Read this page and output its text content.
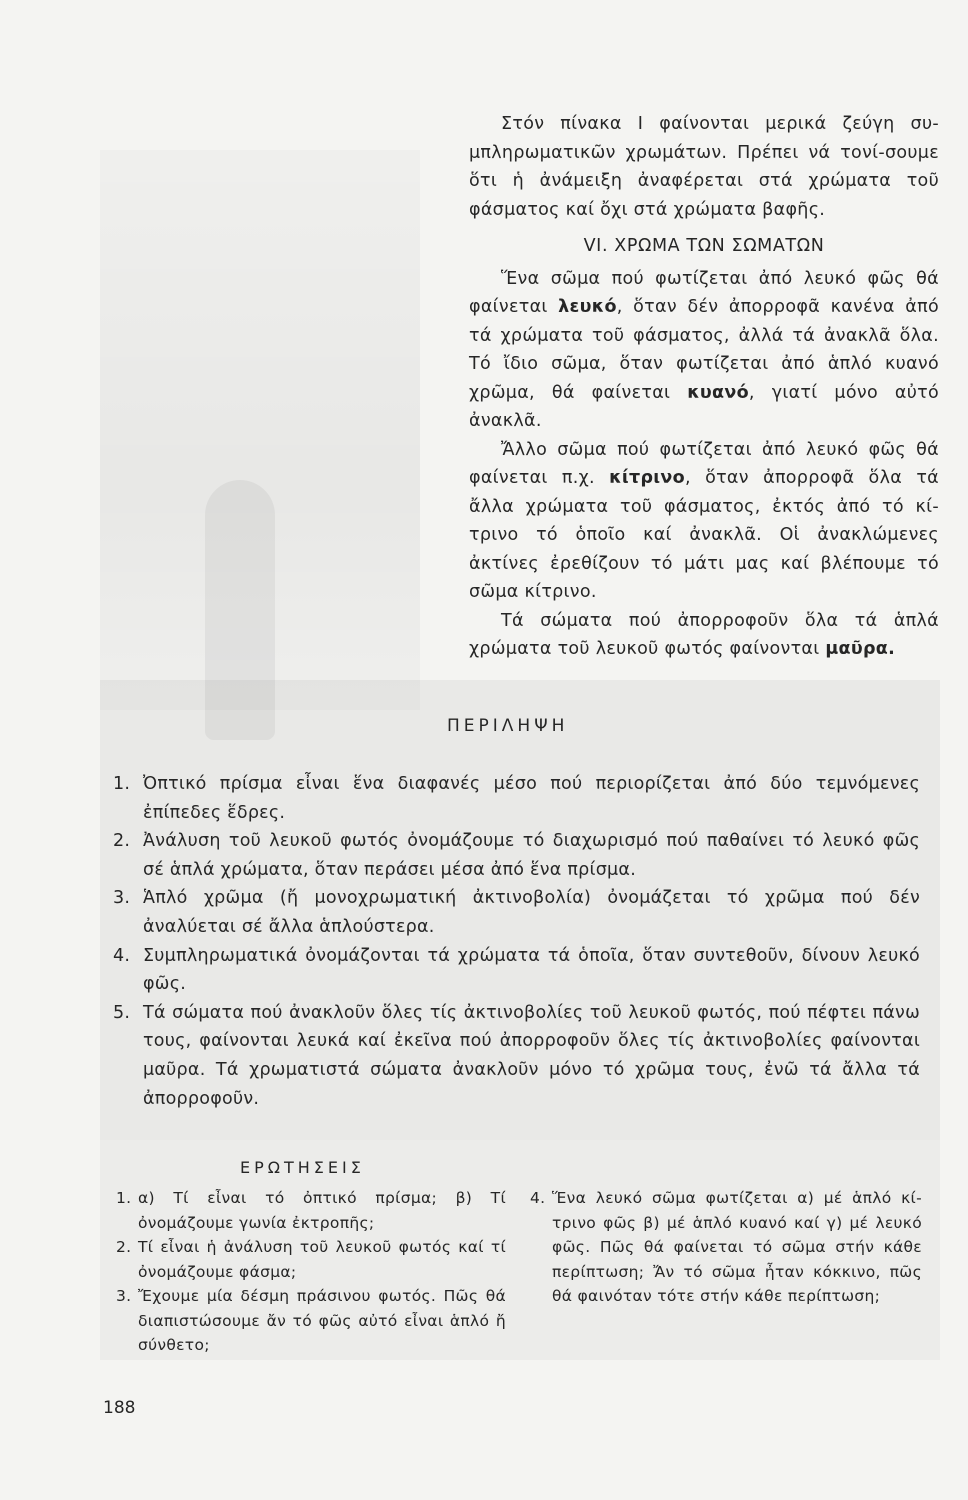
Στόν πίνακα Ι φαίνονται μερικά ζεύγη συ-μπληρωματικῶν χρωμάτων. Πρέπει νά τονί-σουμε ὅτι ἡ ἀνάμειξη ἀναφέρεται στά χρώματα τοῦ φάσματος καί ὄχι στά χρώματα βαφῆς.

VI. ΧΡΩΜΑ ΤΩΝ ΣΩΜΑΤΩΝ

Ἕνα σῶμα πού φωτίζεται ἀπό λευκό φῶς θά φαίνεται λευκό, ὅταν δέν ἀπορροφᾶ κανένα ἀπό τά χρώματα τοῦ φάσματος, ἀλλά τά ἀνακλᾶ ὅλα. Τό ἴδιο σῶμα, ὅταν φωτίζεται ἀπό ἁπλό κυανό χρῶμα, θά φαίνεται κυανό, γιατί μόνο αὐτό ἀνακλᾶ.

Ἄλλο σῶμα πού φωτίζεται ἀπό λευκό φῶς θά φαίνεται π.χ. κίτρινο, ὅταν ἀπορροφᾶ ὅλα τά ἄλλα χρώματα τοῦ φάσματος, ἐκτός ἀπό τό κί-τρινο τό ὁποῖο καί ἀνακλᾶ. Οἱ ἀνακλώμενες ἀκτίνες ἐρεθίζουν τό μάτι μας καί βλέπουμε τό σῶμα κίτρινο.

Τά σώματα πού ἀπορροφοῦν ὅλα τά ἁπλά χρώματα τοῦ λευκοῦ φωτός φαίνονται μαῦρα.

ΠΕΡΙΛΗΨΗ
1. Ὀπτικό πρίσμα εἶναι ἕνα διαφανές μέσο πού περιορίζεται ἀπό δύο τεμνόμενες ἐπίπεδες ἕδρες.
2. Ἀνάλυση τοῦ λευκοῦ φωτός ὀνομάζουμε τό διαχωρισμό πού παθαίνει τό λευκό φῶς σέ ἁπλά χρώματα, ὅταν περάσει μέσα ἀπό ἕνα πρίσμα.
3. Ἁπλό χρῶμα (ἤ μονοχρωματική ἀκτινοβολία) ὀνομάζεται τό χρῶμα πού δέν ἀναλύεται σέ ἄλλα ἁπλούστερα.
4. Συμπληρωματικά ὀνομάζονται τά χρώματα τά ὁποῖα, ὅταν συντεθοῦν, δίνουν λευκό φῶς.
5. Τά σώματα πού ἀνακλοῦν ὅλες τίς ἀκτινοβολίες τοῦ λευκοῦ φωτός, πού πέφτει πάνω τους, φαίνονται λευκά καί ἐκεῖνα πού ἀπορροφοῦν ὅλες τίς ἀκτινοβολίες φαίνονται μαῦρα. Τά χρωματιστά σώματα ἀνακλοῦν μόνο τό χρῶμα τους, ἐνῶ τά ἄλλα τά ἀπορροφοῦν.
ΕΡΩΤΗΣΕΙΣ
1. α) Τί εἶναι τό ὀπτικό πρίσμα; β) Τί ὀνομάζουμε γωνία ἐκτροπῆς;
2. Τί εἶναι ἡ ἀνάλυση τοῦ λευκοῦ φωτός καί τί ὀνομάζουμε φάσμα;
3. Ἔχουμε μία δέσμη πράσινου φωτός. Πῶς θά διαπιστώσουμε ἄν τό φῶς αὐτό εἶναι ἁπλό ἤ σύνθετο;
4. Ἕνα λευκό σῶμα φωτίζεται α) μέ ἁπλό κί-τρινο φῶς β) μέ ἁπλό κυανό καί γ) μέ λευκό φῶς. Πῶς θά φαίνεται τό σῶμα στήν κάθε περίπτωση; Ἄν τό σῶμα ἦταν κόκκινο, πῶς θά φαινόταν τότε στήν κάθε περίπτωση;
188
